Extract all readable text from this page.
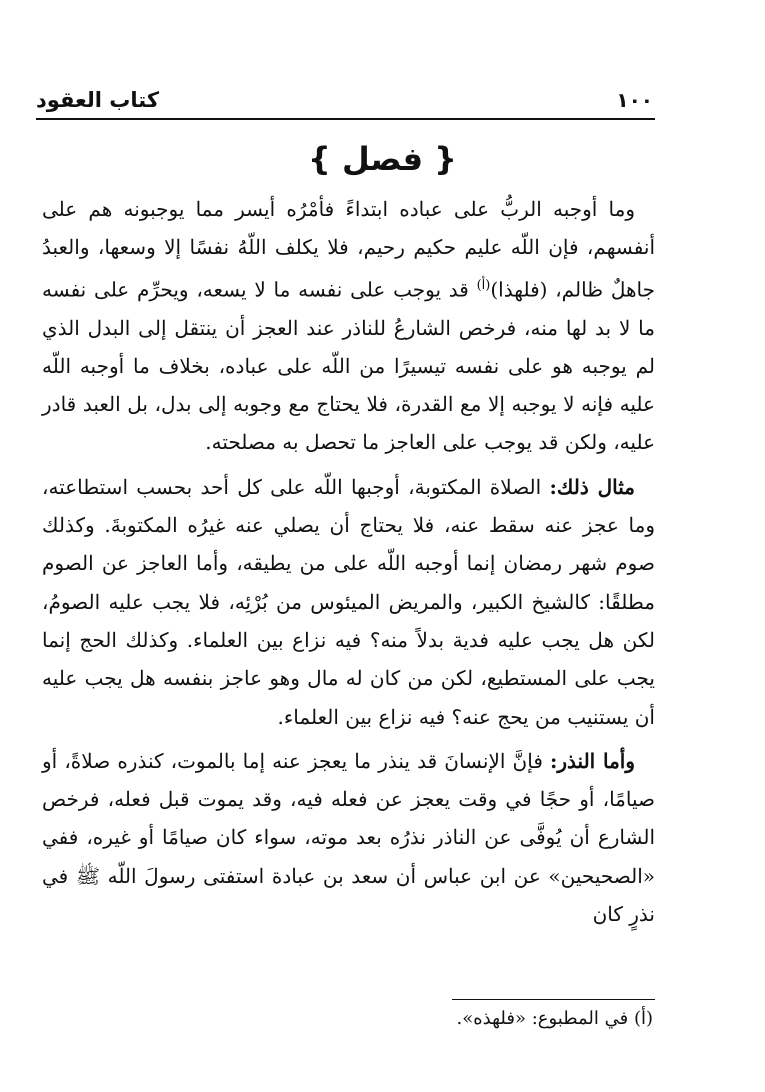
١٠٠
كتاب العقود
{ فصل }

وما أوجبه الربُّ على عباده ابتداءً فأمْرُه أيسر مما يوجبونه هم على أنفسهم، فإن اللّه عليم حكيم رحيم، فلا يكلف اللّهُ نفسًا إلا وسعها، والعبدُ جاهلٌ ظالم، (فلهذا)$^{(أ)}$ قد يوجب على نفسه ما لا يسعه، ويحرِّم على نفسه ما لا بد لها منه، فرخص الشارعُ للناذر عند العجز أن ينتقل إلى البدل الذي لم يوجبه هو على نفسه تيسيرًا من اللّه على عباده، بخلاف ما أوجبه اللّه عليه فإنه لا يوجبه إلا مع القدرة، فلا يحتاج مع وجوبه إلى بدل، بل العبد قادر عليه، ولكن قد يوجب على العاجز ما تحصل به مصلحته.

مثال ذلك: الصلاة المكتوبة، أوجبها اللّه على كل أحد بحسب استطاعته، وما عجز عنه سقط عنه، فلا يحتاج أن يصلي عنه غيرُه المكتوبةَ. وكذلك صوم شهر رمضان إنما أوجبه اللّه على من يطيقه، وأما العاجز عن الصوم مطلقًا: كالشيخ الكبير، والمريض الميئوس من بُرْئِه، فلا يجب عليه الصومُ، لكن هل يجب عليه فدية بدلاً منه؟ فيه نزاع بين العلماء. وكذلك الحج إنما يجب على المستطيع، لكن من كان له مال وهو عاجز بنفسه هل يجب عليه أن يستنيب من يحج عنه؟ فيه نزاع بين العلماء.

وأما النذر: فإنَّ الإنسانَ قد ينذر ما يعجز عنه إما بالموت، كنذره صلاةً، أو صيامًا، أو حجًا في وقت يعجز عن فعله فيه، وقد يموت قبل فعله، فرخص الشارع أن يُوفَّى عن الناذر نذرُه بعد موته، سواء كان صيامًا أو غيره، ففي «الصحيحين» عن ابن عباس أن سعد بن عبادة استفتى رسولَ اللّه ﷺ في نذرٍ كان

(أ) في المطبوع: «فلهذه».
